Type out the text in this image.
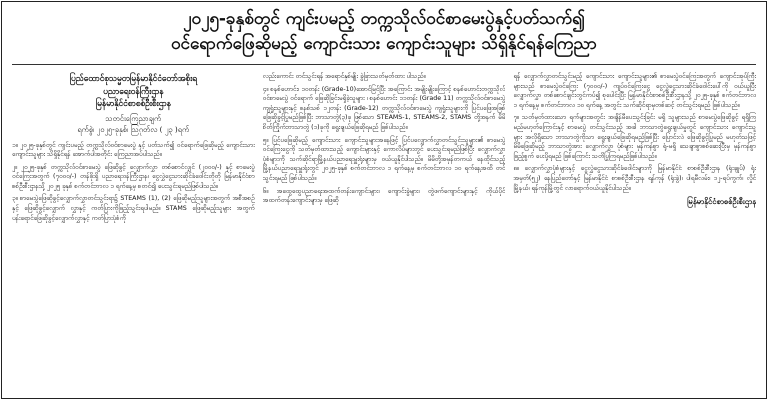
၂၀၂၅-ခုနှစ်တွင် ကျင်းပမည့် တက္ကသိုလ်ဝင်စာမေးပွဲနှင့်ပတ်သက်၍
ဝင်ရောက်ဖြေဆိုမည့် ကျောင်းသား ကျောင်းသူများ သိရှိနိုင်ရန်ကြေညာ
ပြည်ထောင်စုသမ္မတမြန်မာနိုင်ငံတော်အစိုးရ
ပညာရေးဝန်ကြီးဌာန
မြန်မာနိုင်ငံစာစစ်ဦးစီးဌာန
သတင်းကြေညာချက်
ရက်စွဲ၊ ၂၀၂၅-ခုနှစ်၊ ဩဂုတ်လ ( ၂၃ )ရက်

၁။ ၂၀၂၅-ခုနှစ်တွင် ကျင်းပမည့် တက္ကသိုလ်ဝင်စာမေးပွဲ နှင့် ပတ်သက်၍ ဝင်ရောက်ဖြေဆိုမည့် ကျောင်းသား ကျောင်းသူများ သိရှိနိုင်ရန် အောက်ပါအတိုင်း ကြေညာအပ်ပါသည်။

၂။ ၂၀၂၅-ခုနှစ် တက္ကသိုလ်ဝင်စာမေးပွဲ ဖြေဆိုခွင့် လျှောက်လွှာ တစ်စောင်လျှင် (၂၀၀၀/-) နှင့် စာမေးပွဲဝင်ကြေးအတွက် (၇၀၀၀/-) တန်ဖိုးရှိ ပညာရေးဝန်ကြီးဌာန၊ ငွေလွှဲငွေသားဆိုင်ခံဝေါင်းတိုတို မြန်မာနိုင်ငံစာစစ်ဦးစီးဌာနသို့ ၂၀၂၅ ခုနှစ် စက်တင်ဘာလ ၁ ရက်နေ့မှ စတင်၍ ပေးသွင်းရမည်ဖြစ်ပါသည်။

၃။ စာမေးပွဲဖြေဆိုခွင့်လျှောက်လွှာတင်သွင်းရာ၌ STEAMS (1), (2) ဖြေဆိုမည့်သူများအတွက် အစီအစဉ်နှင့် ဖြေဆိုခွင့်လျှောက် လွှာနှင့် ကတ်ပြားကိုဖြည့်သွင်းရပါမည်။ STAMS ဖြေဆိုမည့်သူများ အတွက် ပန်းရောင်ဖြေဆိုခွင့်လျှောက်လွှာနှင့် ကတ်ပြားပုံစံကို

လည်းကောင်း တင်သွင်းရန် အရောင်နှစ်မျိုး ခွဲခြားသတ်မှတ်ထား ပါသည်။

၄။ စနစ်ဟောင်း၊ ၁၀တန်း (Grade-10)အောင်မြင်ပြီး အကြောင်း အမျိုးမျိုးကြောင့် စနစ်ဟောင်းတက္ကသိုလ်ဝင်စာမေးပွဲ ဝင်ရောက် ဖြေဆိုခြင်းမရှိခဲ့သူများ ၊ စနစ်ဟောင်း ၁၁တန်း (Grade 11) တက္ကသိုလ်ဝင်စာမေးပွဲ ကျရှုံးသူများနှင့် စနစ်သစ် ၁၂တန်း (Grade-12) တက္ကသိုလ်ဝင်စာမေးပွဲ ကျရှုံးသူများကို ပြင်ပဖြေအဖြစ် ဖြေဆိုခွင့်ပြုမည်ဖြစ်ပြီး ဘာသာတွဲ(၃)ခု ဖြစ်သော STEAMS-1, STEAMS-2, STAMS တို့အနက် မိမိစိတ်ကြိုက်ဘာသာတွဲ (၁)ခုကို ရွေးချယ်ဖြေဆိုရမည် ဖြစ်ပါသည်။

၅။ ပြင်ပဖြေဆိုမည့် ကျောင်းသား ကျောင်းသူများအနေဖြင့် ပြင်ပလျှောက်လွှာတင်သွင်းသူများ၏ စာမေးပွဲ ဝင်ကြေးငွေကို သတ်မှတ်ထားသည့် ကျောင်းများနှင့် ကောလိပ်များတွင် ပေးသွင်းရမည်ဖြစ်ပြီး လျှောက်လွှာပုံစံများကို သက်ဆိုင်ရာမြို့နယ်ပညာရေးမှူးရုံးများမှ ဝယ်ယူနိုင်ပါသည်။ မိမိတို့အမှန်တကယ် နေထိုင်သည့် မြို့နယ်ပညာရေးမှူးရုံးတွင် ၂၀၂၅-ခုနှစ် စက်တင်ဘာလ ၁ ရက်နေ့မှ စက်တင်ဘာလ ၁၀ ရက်နေ့အထိ တင်သွင်းရမည် ဖြစ်ပါသည်။

၆။ အထွေထွေပညာရေးအထက်တန်းကျောင်းများ၊ ကျောင်းခွဲများ၊ တွဲဖက်ကျောင်းများနှင့် ကိုယ်ပိုင်အထက်တန်းကျောင်းများမှ ဖြေဆို

ရန် လျှောက်လွှာတင်သွင်းမည့် ကျောင်းသား ကျောင်းသူများ၏ စာမေးပွဲဝင်ကြေးအတွက် ကျောင်းအုပ်ကြီးများသည် စာမေးပွဲဝင်ကြေး (၇၀၀၀/-) ကျပ်ဝင်ကြေးငွေ ငွေလွှဲငွေသားဆိုင်ခံဝေါင်းပေါ်ကို ဝယ်ယူပြီး လျှောက်လွှာ တစ်စောင်ချင်းတွင်ကပ်၍ စုပေါင်းပြီး မြန်မာနိုင်ငံစာစစ်ဦးစီးဌာနသို့ ၂၀၂၅-ခုနှစ် စက်တင်ဘာလ ၁ ရက်နေ့မှ စက်တင်ဘာလ ၁၀ ရက်နေ့ အတွင်း သက်ဆိုင်ရာမှတစ်ဆင့် တင်သွင်းရမည် ဖြစ်ပါသည်။

၇။ သတ်မှတ်ထားသော ရက်များအတွင်း အချိန်မီပေးသွင်းခြင်း မရှိ သူများသည် စာမေးပွဲဖြေဆိုခွင့် ရရှိကြမည်မဟုတ်ကြောင်းနှင့် စာမေးပွဲ တင်သွင်းသည့် အခါ ဘာသာတွဲရွေးချယ်မှုတွင် ကျောင်းသား ကျောင်းသူ များ အလိုရှိသော ဘာသာတွဲကိုသာ ရွေးချယ်ဖြေဆိုရမည်ဖြစ်ပြီး ပြောင်းလဲ ဖြေဆိုခွင့်ပြုမည် မဟုတ်သဖြင့် မိမိဖြေဆိုမည့် ဘာသာတွဲအား လျှောက်လွှာ ပုံစံများ မှန်ကန်စွာ ရုံ-မရှိ သေချာစွာစစ်ဆေးပြီးမှ မှန်ကန်စွာဖြည့်စွက် ပေးပို့ရမည် ဖြစ်ကြောင်း သတိပြုကြရမည်ဖြစ်ပါသည်။

၈။ လျှောက်လွှာပုံစံများနှင့် ငွေလွှဲငွေသားဆိုင်ခံဝေါင်းများကို မြန်မာနိုင်ငံ စာစစ်ဦးစီးဌာန (ရုံးချုပ်) ရုံးအမှတ်(၅၂) နေပြည်တော်နှင့် မြန်မာနိုင်ငံ စာစစ်ဦးစီးဌာန ရန်ကုန် (ရုံးခွဲ)၊ ပါရမီလမ်း၊ ၁၂-ရပ်ကွက်၊ လှိုင်မြို့နယ်၊ ရန်ကုန်မြို့တွင် လာရောက်ဝယ်ယူနိုင်ပါသည်။

မြန်မာနိုင်ငံစာစစ်ဦးစီးဌာန
